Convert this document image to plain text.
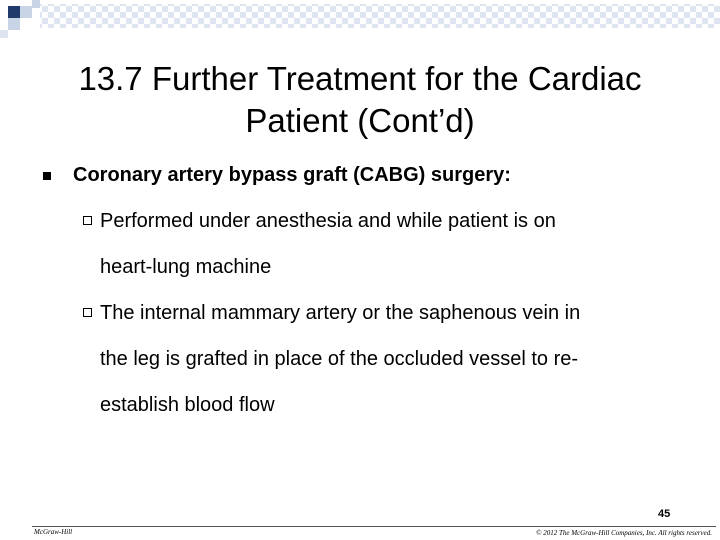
13.7 Further Treatment for the Cardiac
Patient (Cont’d)
Coronary artery bypass graft (CABG) surgery:
Performed under anesthesia and while patient is on
heart-lung machine
The internal mammary artery or the saphenous vein in
the leg is grafted in place of the occluded vessel to re-
establish blood flow
45
McGraw-Hill	© 2012 The McGraw-Hill Companies, Inc. All rights reserved.
